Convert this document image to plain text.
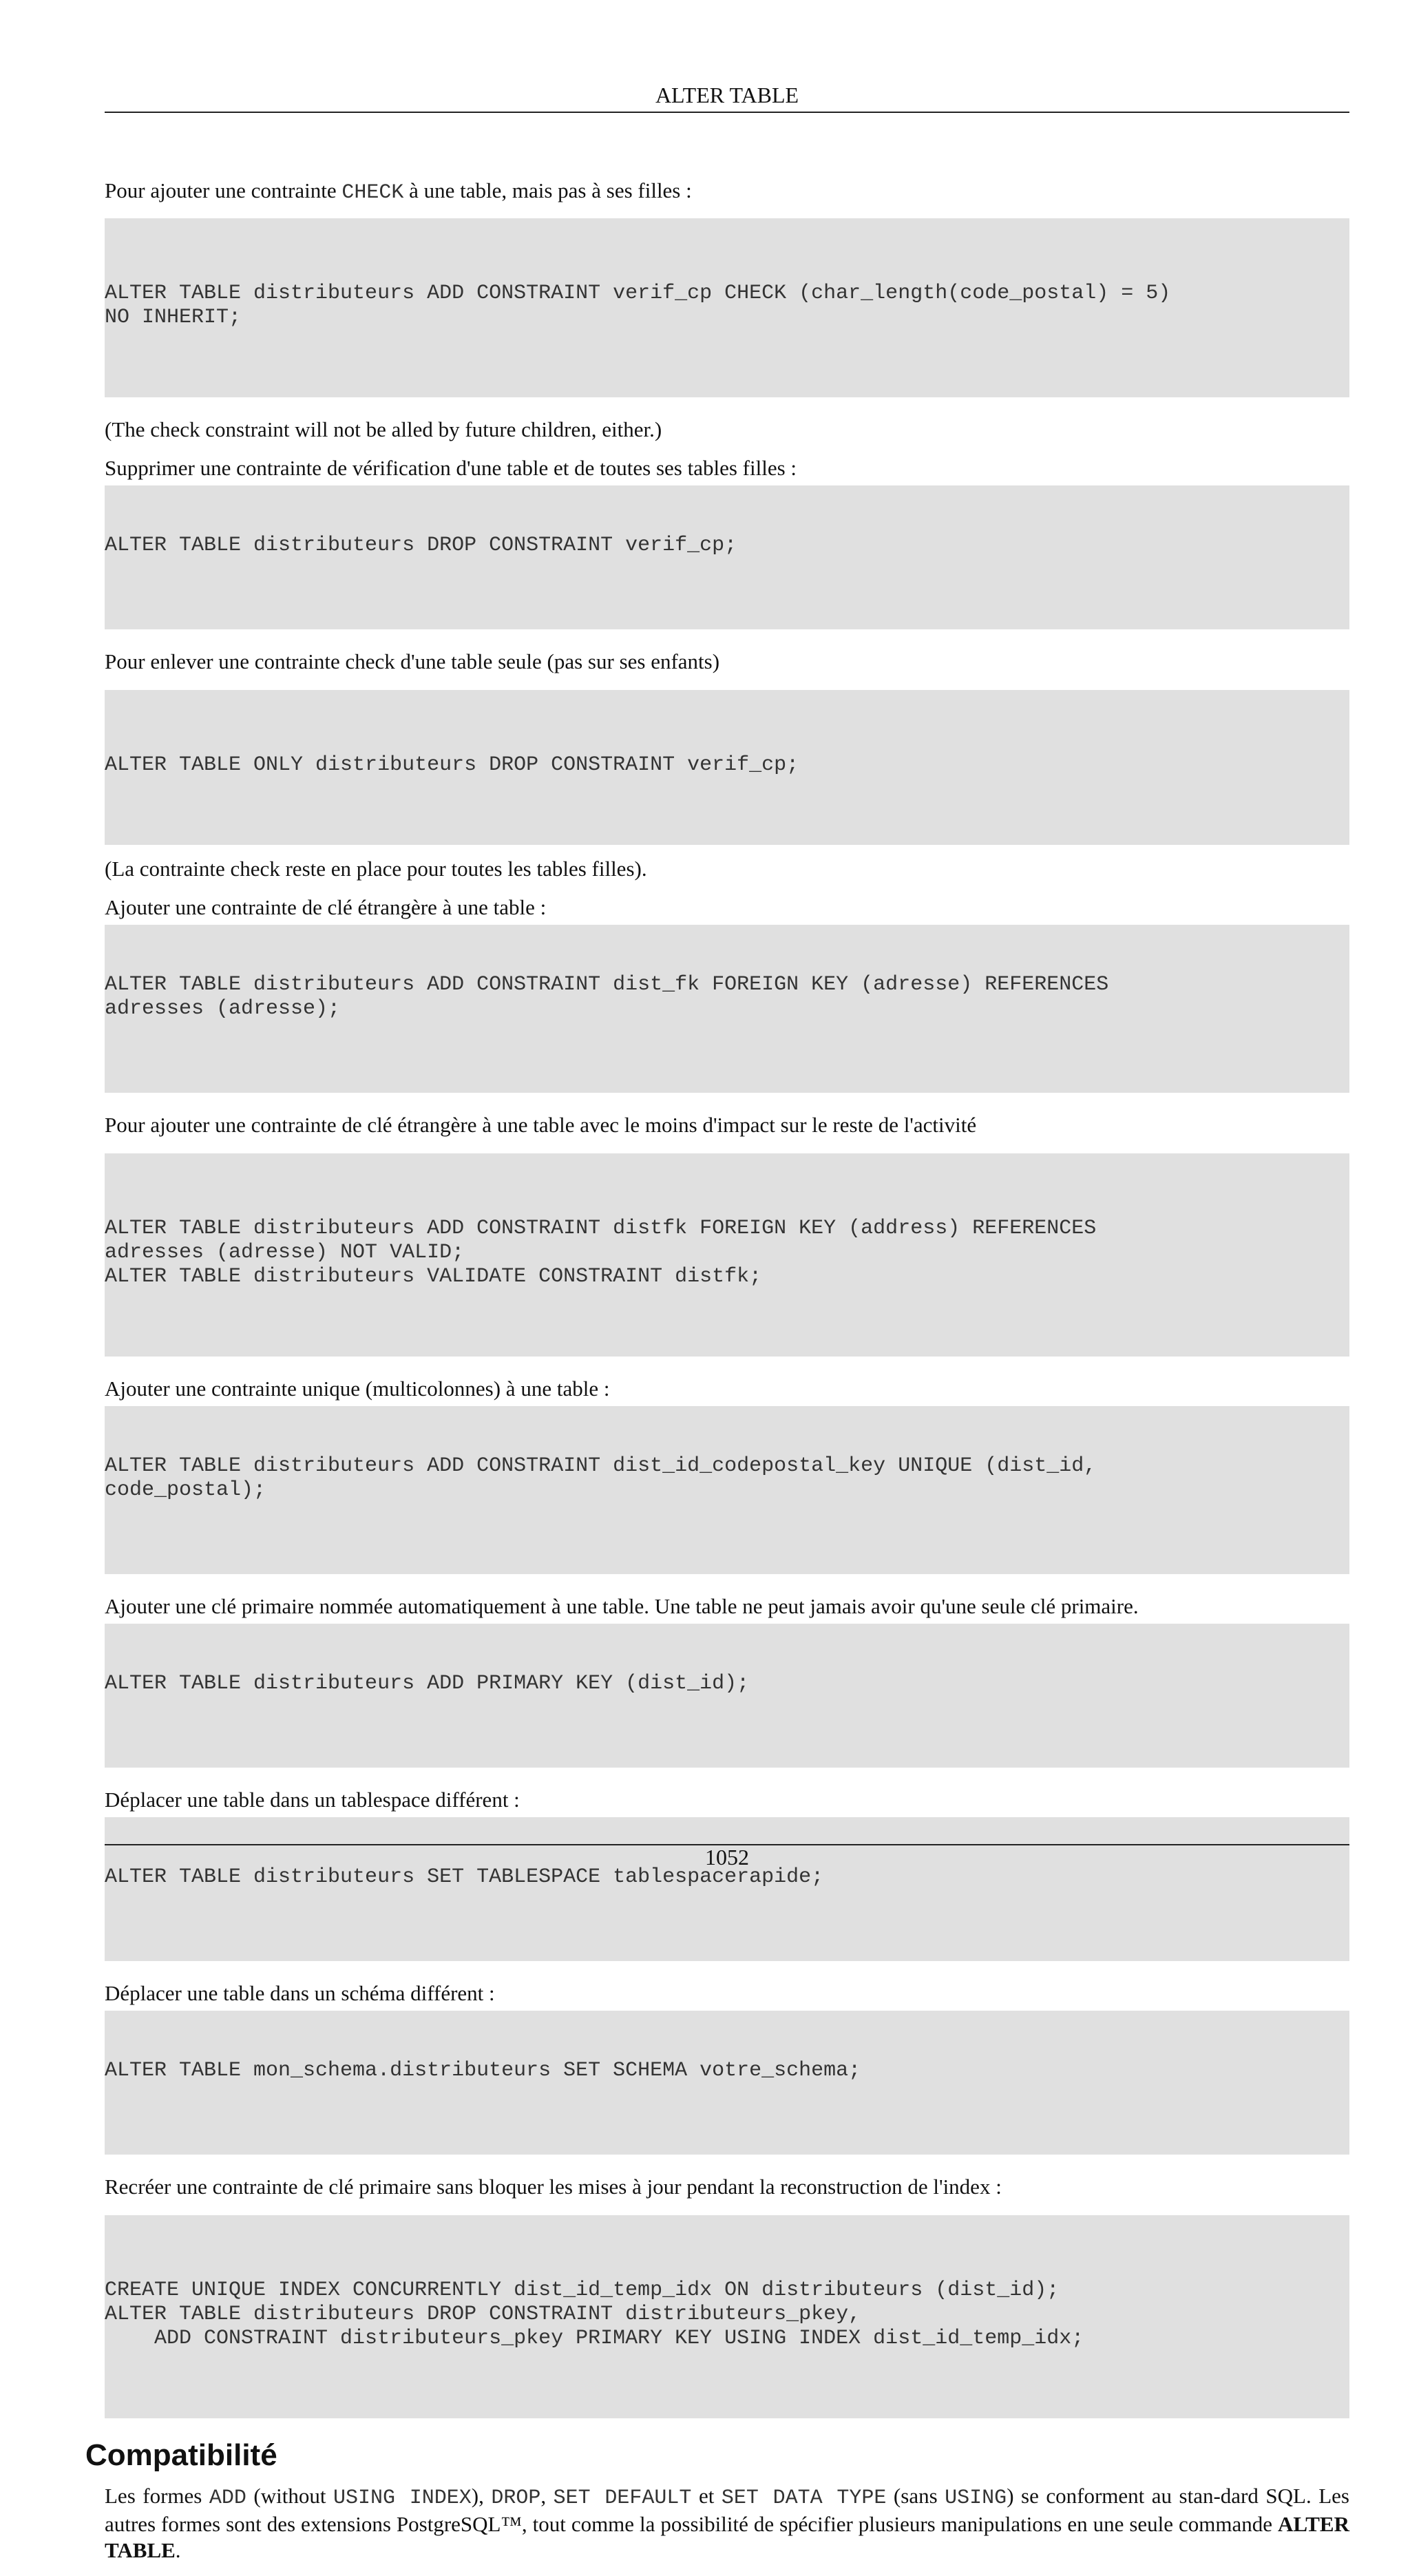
ALTER TABLE

Pour ajouter une contrainte CHECK à une table, mais pas à ses filles :

ALTER TABLE distributeurs ADD CONSTRAINT verif_cp CHECK (char_length(code_postal) = 5)
NO INHERIT;

(The check constraint will not be alled by future children, either.)

Supprimer une contrainte de vérification d'une table et de toutes ses tables filles :

ALTER TABLE distributeurs DROP CONSTRAINT verif_cp;

Pour enlever une contrainte check d'une table seule (pas sur ses enfants)

ALTER TABLE ONLY distributeurs DROP CONSTRAINT verif_cp;

(La contrainte check reste en place pour toutes les tables filles).

Ajouter une contrainte de clé étrangère à une table :

ALTER TABLE distributeurs ADD CONSTRAINT dist_fk FOREIGN KEY (adresse) REFERENCES
adresses (adresse);

Pour ajouter une contrainte de clé étrangère à une table avec le moins d'impact sur le reste de l'activité

ALTER TABLE distributeurs ADD CONSTRAINT distfk FOREIGN KEY (address) REFERENCES
adresses (adresse) NOT VALID;
ALTER TABLE distributeurs VALIDATE CONSTRAINT distfk;

Ajouter une contrainte unique (multicolonnes) à une table :

ALTER TABLE distributeurs ADD CONSTRAINT dist_id_codepostal_key UNIQUE (dist_id,
code_postal);

Ajouter une clé primaire nommée automatiquement à une table. Une table ne peut jamais avoir qu'une seule clé primaire.

ALTER TABLE distributeurs ADD PRIMARY KEY (dist_id);

Déplacer une table dans un tablespace différent :

ALTER TABLE distributeurs SET TABLESPACE tablespacerapide;

Déplacer une table dans un schéma différent :

ALTER TABLE mon_schema.distributeurs SET SCHEMA votre_schema;

Recréer une contrainte de clé primaire sans bloquer les mises à jour pendant la reconstruction de l'index :

CREATE UNIQUE INDEX CONCURRENTLY dist_id_temp_idx ON distributeurs (dist_id);
ALTER TABLE distributeurs DROP CONSTRAINT distributeurs_pkey,
ADD CONSTRAINT distributeurs_pkey PRIMARY KEY USING INDEX dist_id_temp_idx;

Compatibilité

Les formes ADD (without USING INDEX), DROP, SET DEFAULT et SET DATA TYPE (sans USING) se conforment au stan-dard SQL. Les autres formes sont des extensions PostgreSQL™, tout comme la possibilité de spécifier plusieurs manipulations en une seule commande ALTER TABLE.

1052
